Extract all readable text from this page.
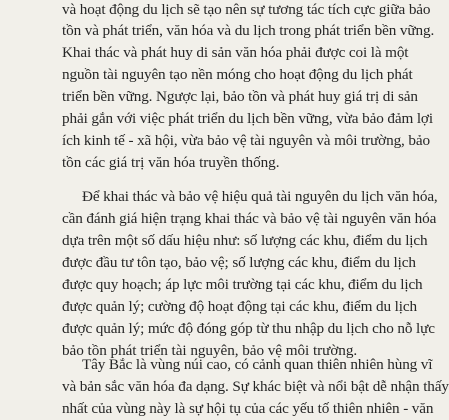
và hoạt động du lịch sẽ tạo nên sự tương tác tích cực giữa bảo
tồn và phát triển, văn hóa và du lịch trong phát triển bền vững.
Khai thác và phát huy di sản văn hóa phải được coi là một
nguồn tài nguyên tạo nền móng cho hoạt động du lịch phát
triển bền vững. Ngược lại, bảo tồn và phát huy giá trị di sản
phải gắn với việc phát triển du lịch bền vững, vừa bảo đảm lợi
ích kinh tế - xã hội, vừa bảo vệ tài nguyên và môi trường, bảo
tồn các giá trị văn hóa truyền thống.
Để khai thác và bảo vệ hiệu quả tài nguyên du lịch văn hóa,
cần đánh giá hiện trạng khai thác và bảo vệ tài nguyên văn hóa
dựa trên một số dấu hiệu như: số lượng các khu, điểm du lịch
được đầu tư tôn tạo, bảo vệ; số lượng các khu, điểm du lịch
được quy hoạch; áp lực môi trường tại các khu, điểm du lịch
được quản lý; cường độ hoạt động tại các khu, điểm du lịch
được quản lý; mức độ đóng góp từ thu nhập du lịch cho nỗ lực
bảo tồn phát triển tài nguyên, bảo vệ môi trường.
Tây Bắc là vùng núi cao, có cảnh quan thiên nhiên hùng vĩ
và bản sắc văn hóa đa dạng. Sự khác biệt và nổi bật dễ nhận thấy
nhất của vùng này là sự hội tụ của các yếu tố thiên nhiên - văn
